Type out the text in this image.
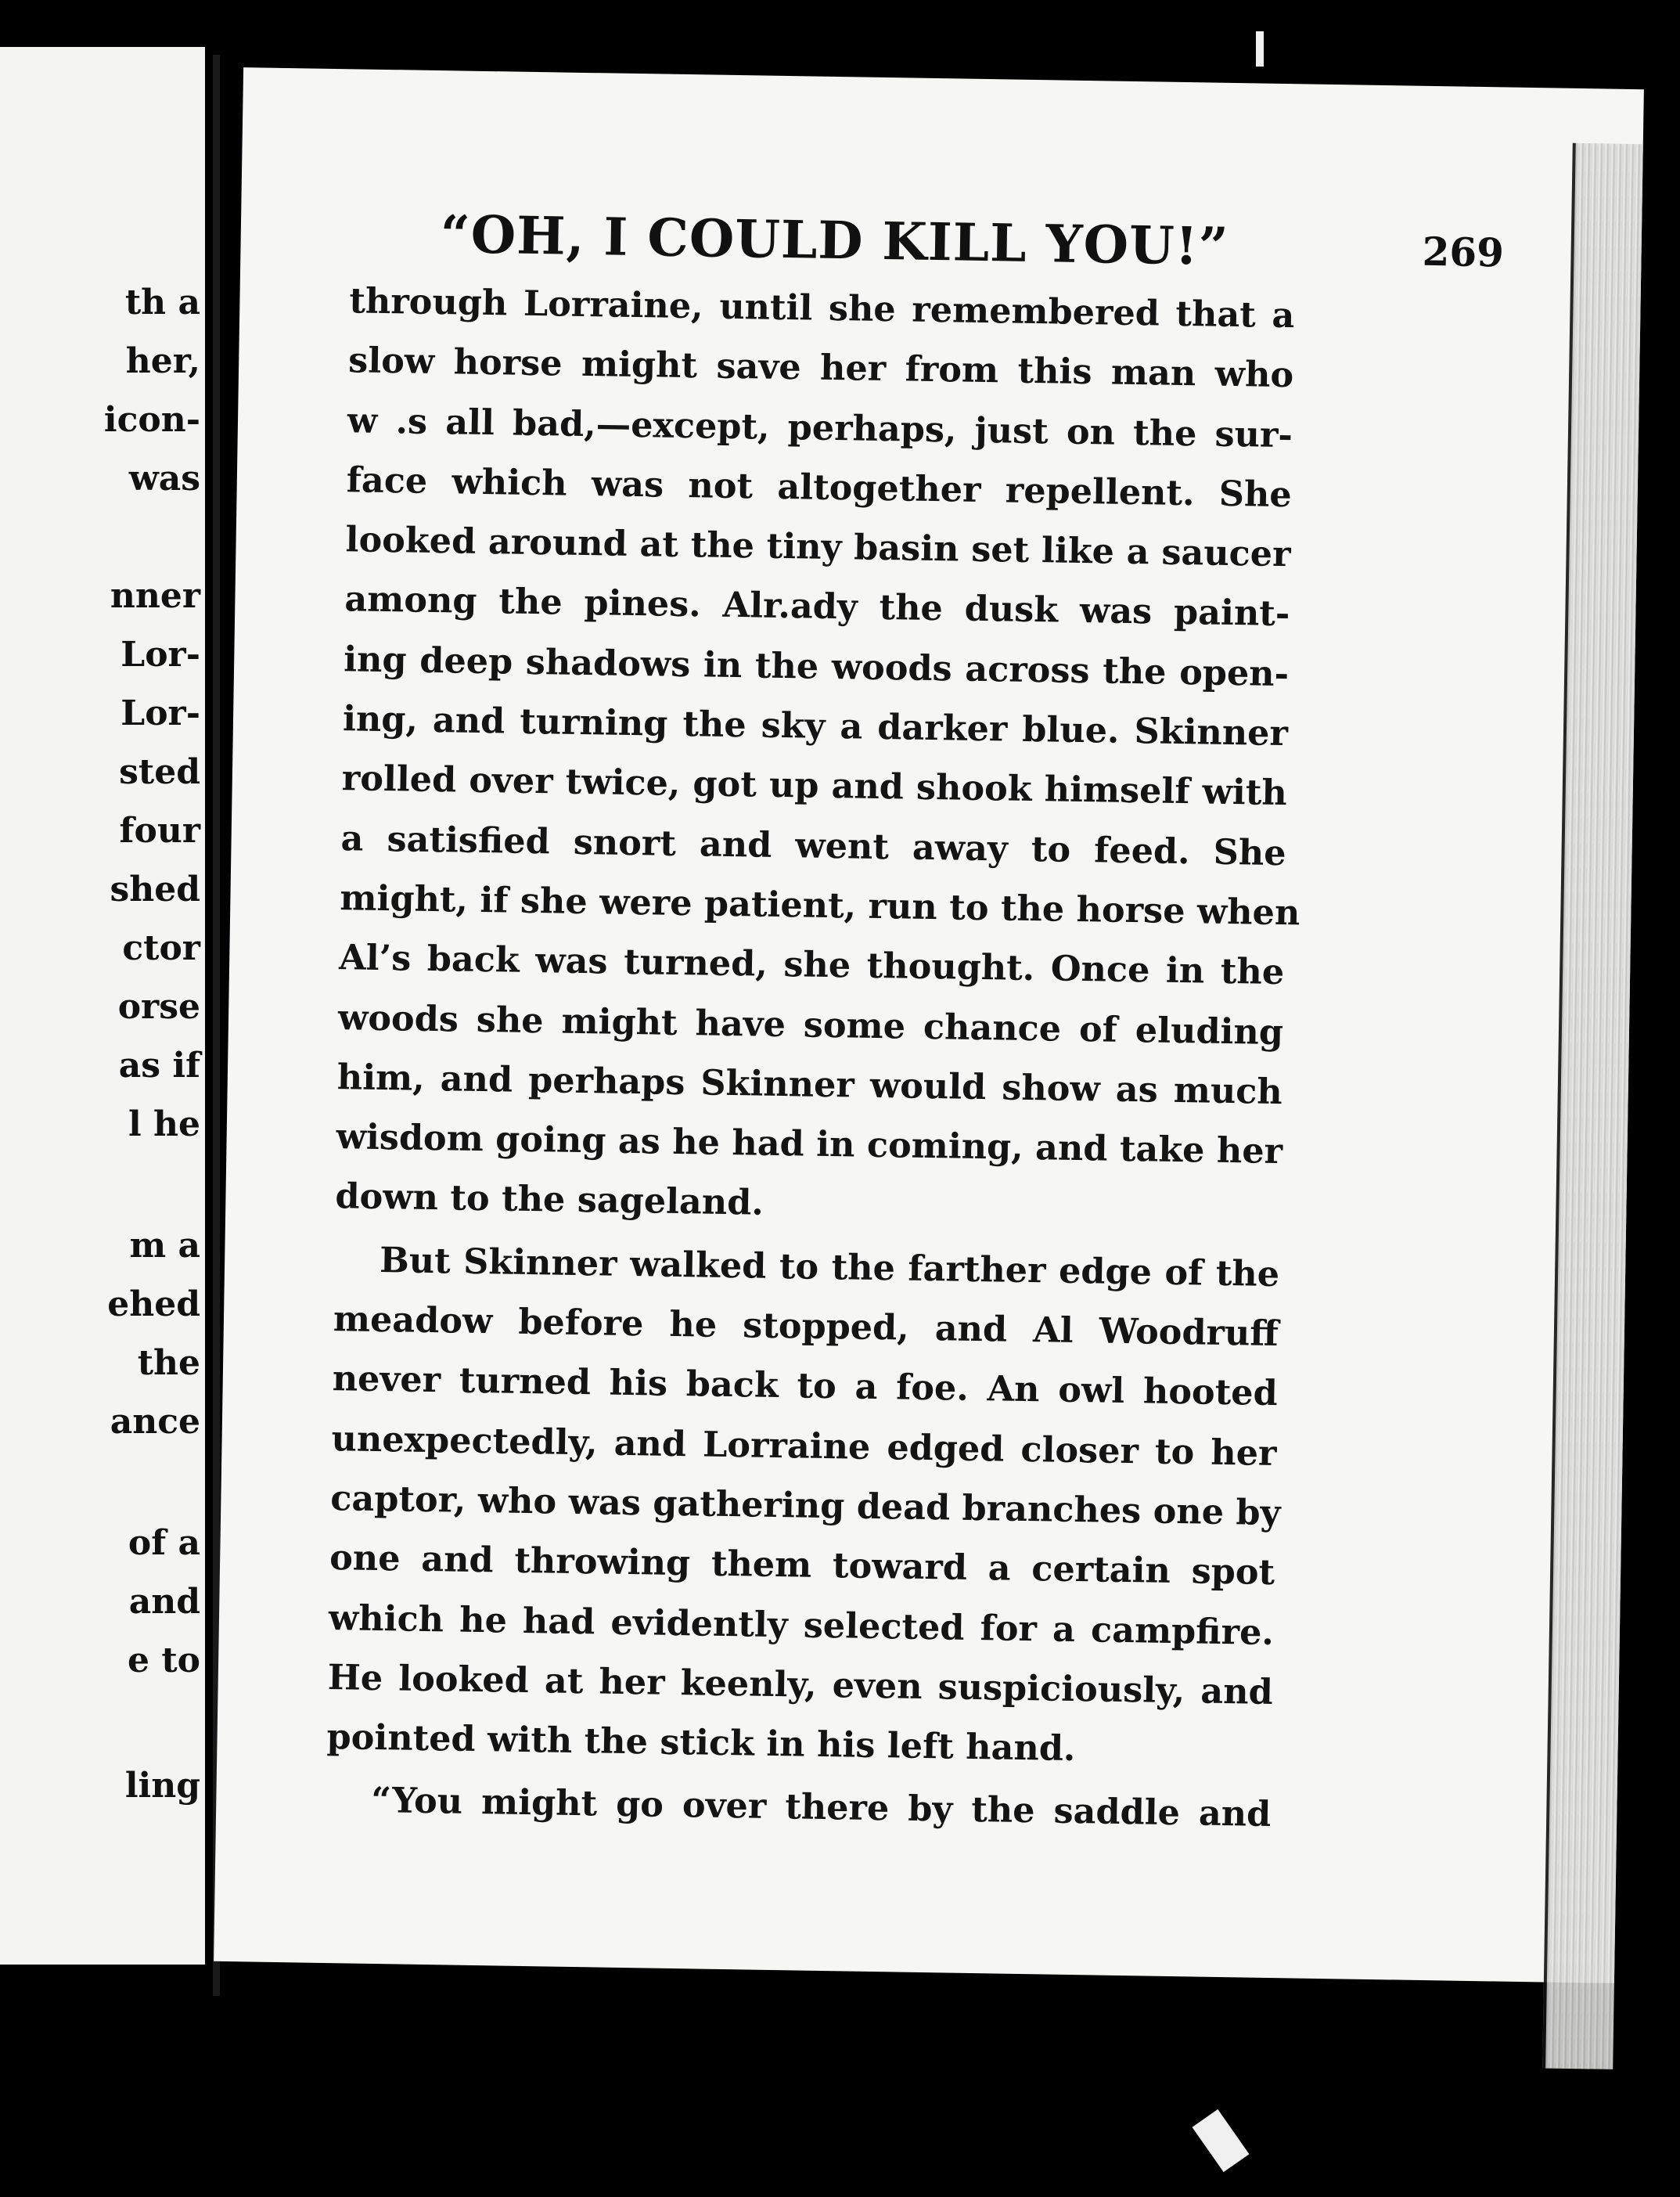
th a
her,
icon-
was
nner
Lor-
Lor-
sted
four
shed
ctor
orse
as if
l he
m a
ehed
the
ance
of a
and
e to
ling
“OH, I COULD KILL YOU!”	269
through Lorraine, until she remembered that a
slow horse might save her from this man who
w .s all bad,—except, perhaps, just on the sur-
face which was not altogether repellent. She
looked around at the tiny basin set like a saucer
among the pines. Alr.ady the dusk was paint-
ing deep shadows in the woods across the open-
ing, and turning the sky a darker blue. Skinner
rolled over twice, got up and shook himself with
a satisfied snort and went away to feed. She
might, if she were patient, run to the horse when
Al’s back was turned, she thought. Once in the
woods she might have some chance of eluding
him, and perhaps Skinner would show as much
wisdom going as he had in coming, and take her
down to the sageland.
But Skinner walked to the farther edge of the
meadow before he stopped, and Al Woodruff
never turned his back to a foe. An owl hooted
unexpectedly, and Lorraine edged closer to her
captor, who was gathering dead branches one by
one and throwing them toward a certain spot
which he had evidently selected for a campfire.
He looked at her keenly, even suspiciously, and
pointed with the stick in his left hand.
“You might go over there by the saddle and
